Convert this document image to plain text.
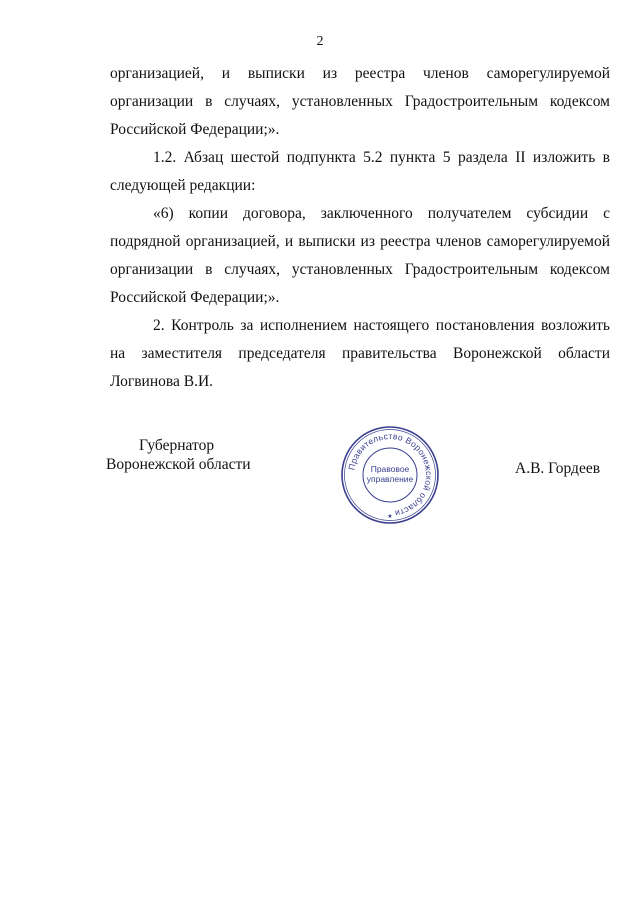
2

организацией, и выписки из реестра членов саморегулируемой организации в случаях, установленных Градостроительным кодексом Российской Федерации;».

1.2. Абзац шестой подпункта 5.2 пункта 5 раздела II изложить в следующей редакции:

«6) копии договора, заключенного получателем субсидии с подрядной организацией, и выписки из реестра членов саморегулируемой организации в случаях, установленных Градостроительным кодексом Российской Федерации;».

2. Контроль за исполнением настоящего постановления возложить на заместителя председателя правительства Воронежской области Логвинова В.И.

Губернатор
Воронежской области	Правительство Воронежской области
Правовое
управление
★
А.В. Гордеев
